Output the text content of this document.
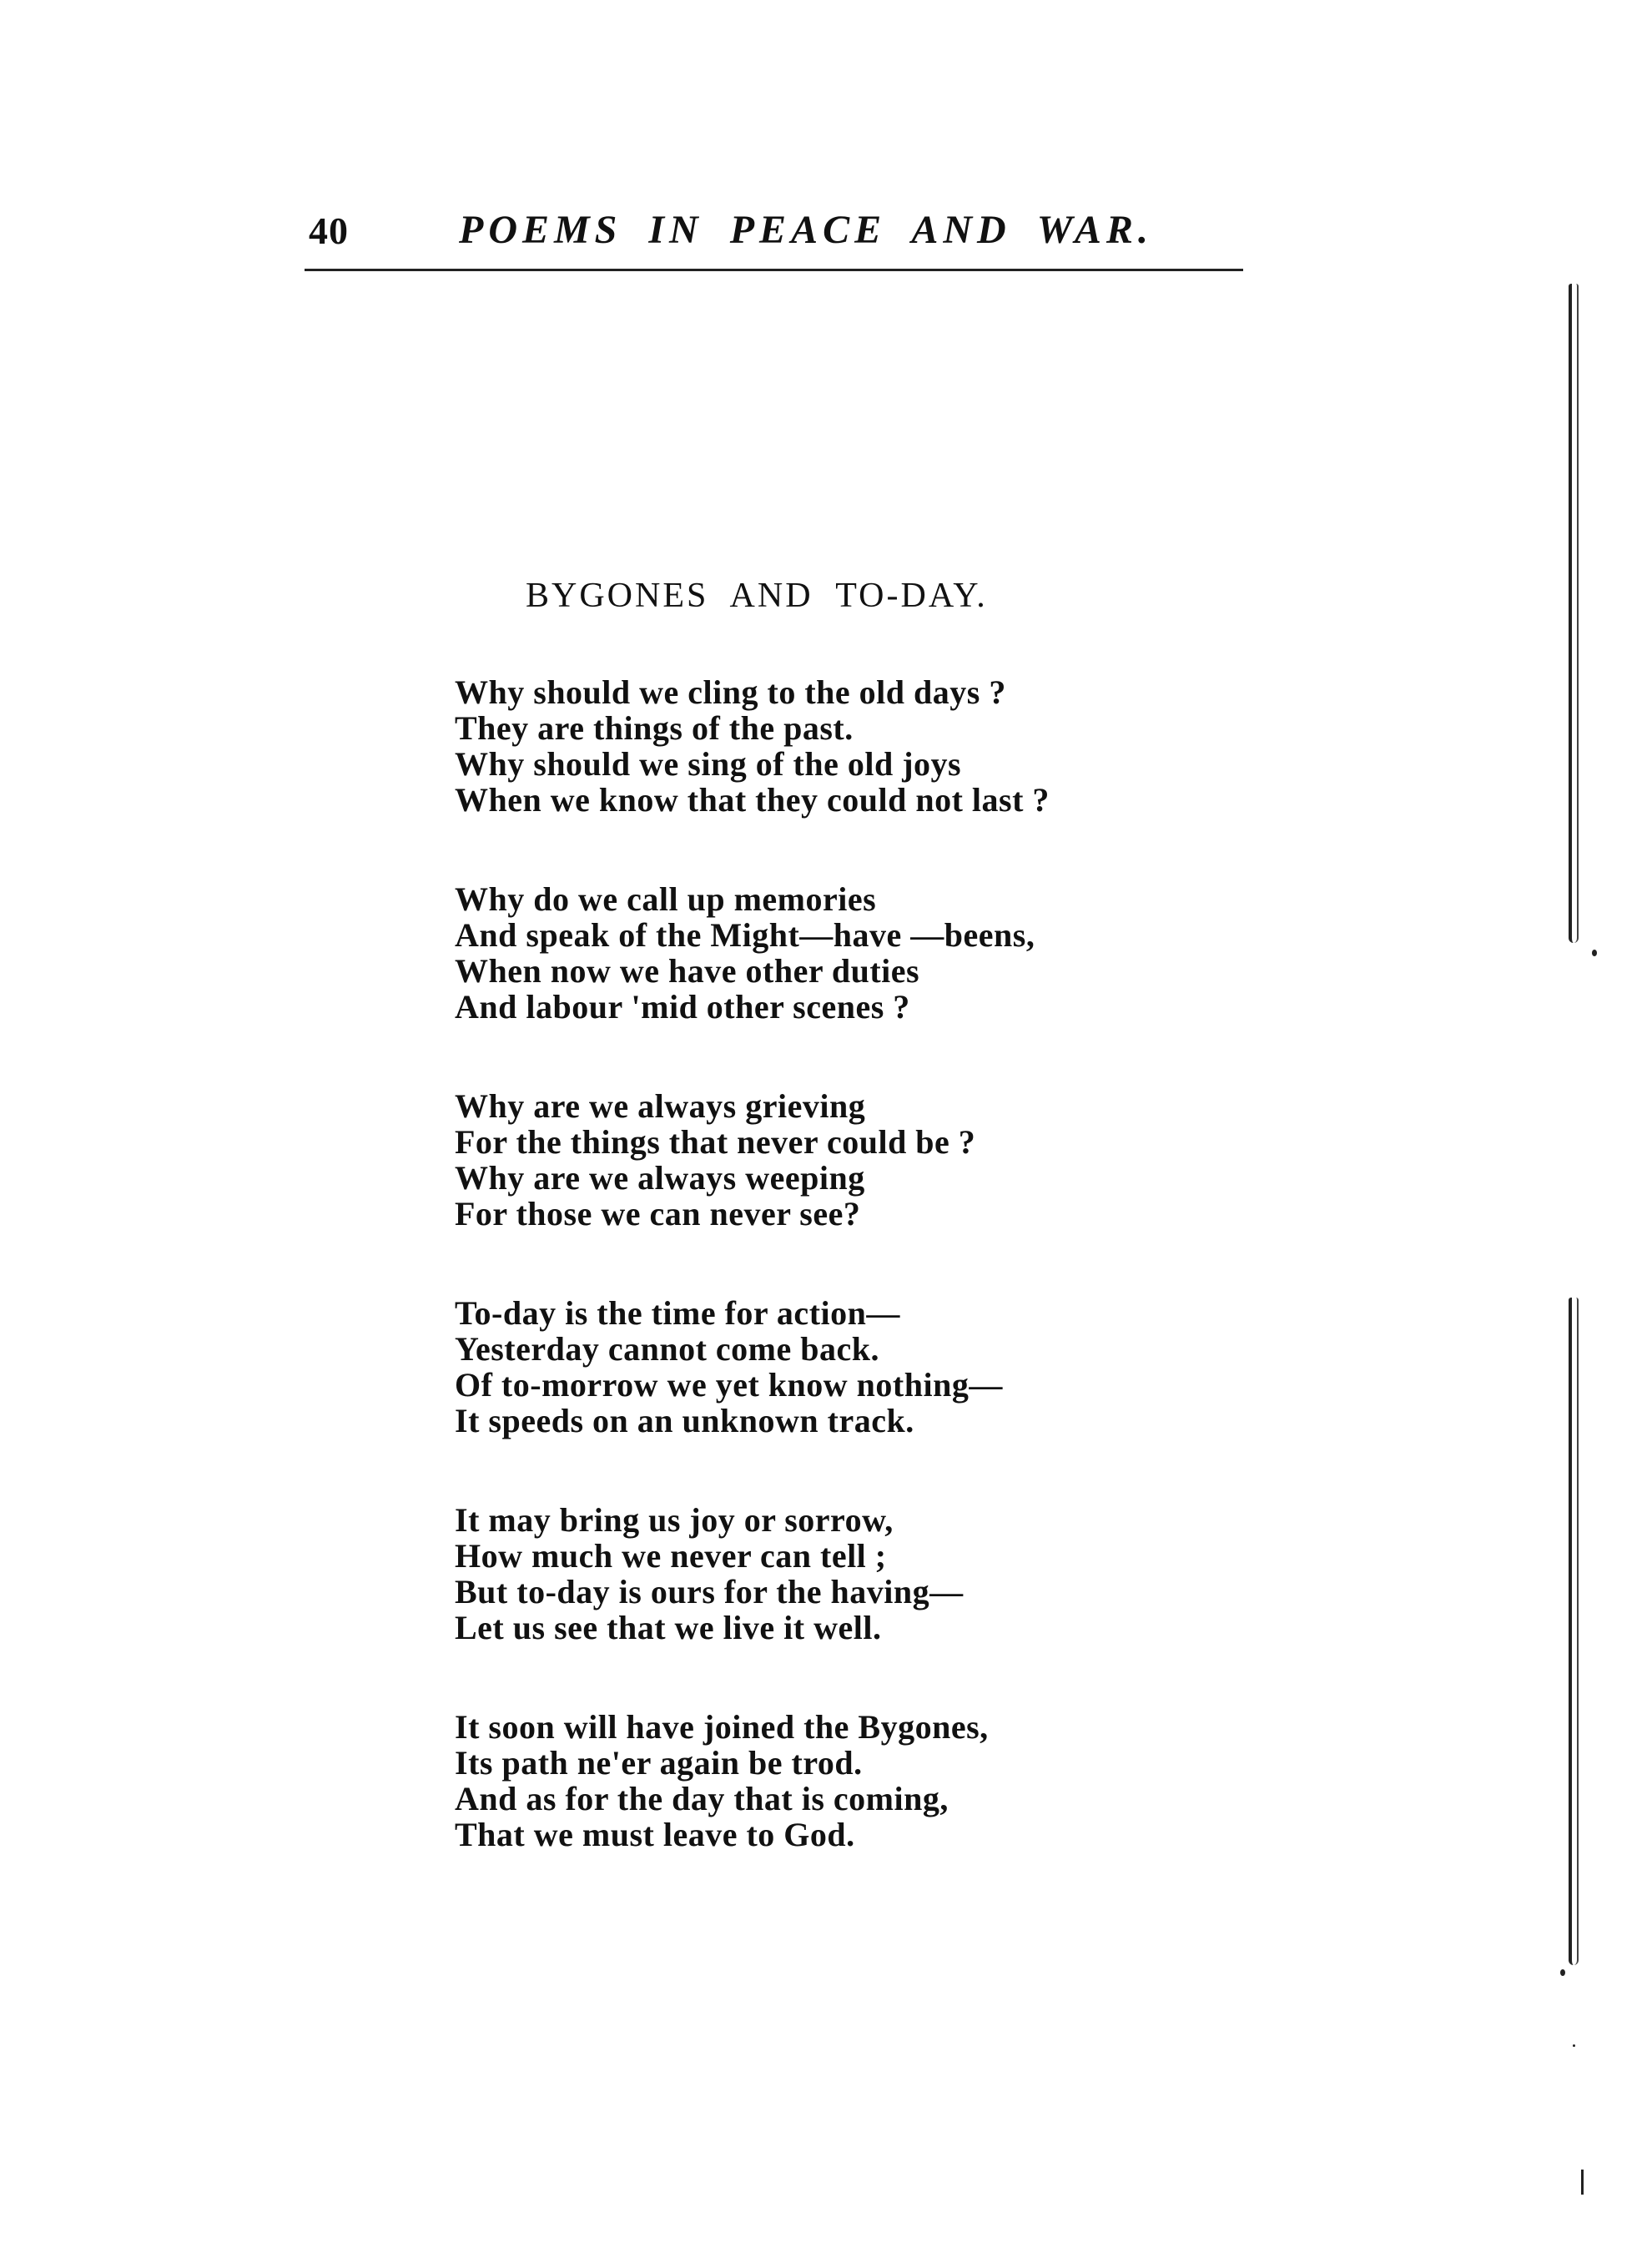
40	POEMS IN PEACE AND WAR.
BYGONES AND TO-DAY.
Why should we cling to the old days ?
They are things of the past.
Why should we sing of the old joys
When we know that they could not last ?
Why do we call up memories
And speak of the Might—have —beens,
When now we have other duties
And labour 'mid other scenes ?
Why are we always grieving
For the things that never could be ?
Why are we always weeping
For those we can never see?
To-day is the time for action—
Yesterday cannot come back.
Of to-morrow we yet know nothing—
It speeds on an unknown track.
It may bring us joy or sorrow,
How much we never can tell ;
But to-day is ours for the having—
Let us see that we live it well.
It soon will have joined the Bygones,
Its path ne'er again be trod.
And as for the day that is coming,
That we must leave to God.
